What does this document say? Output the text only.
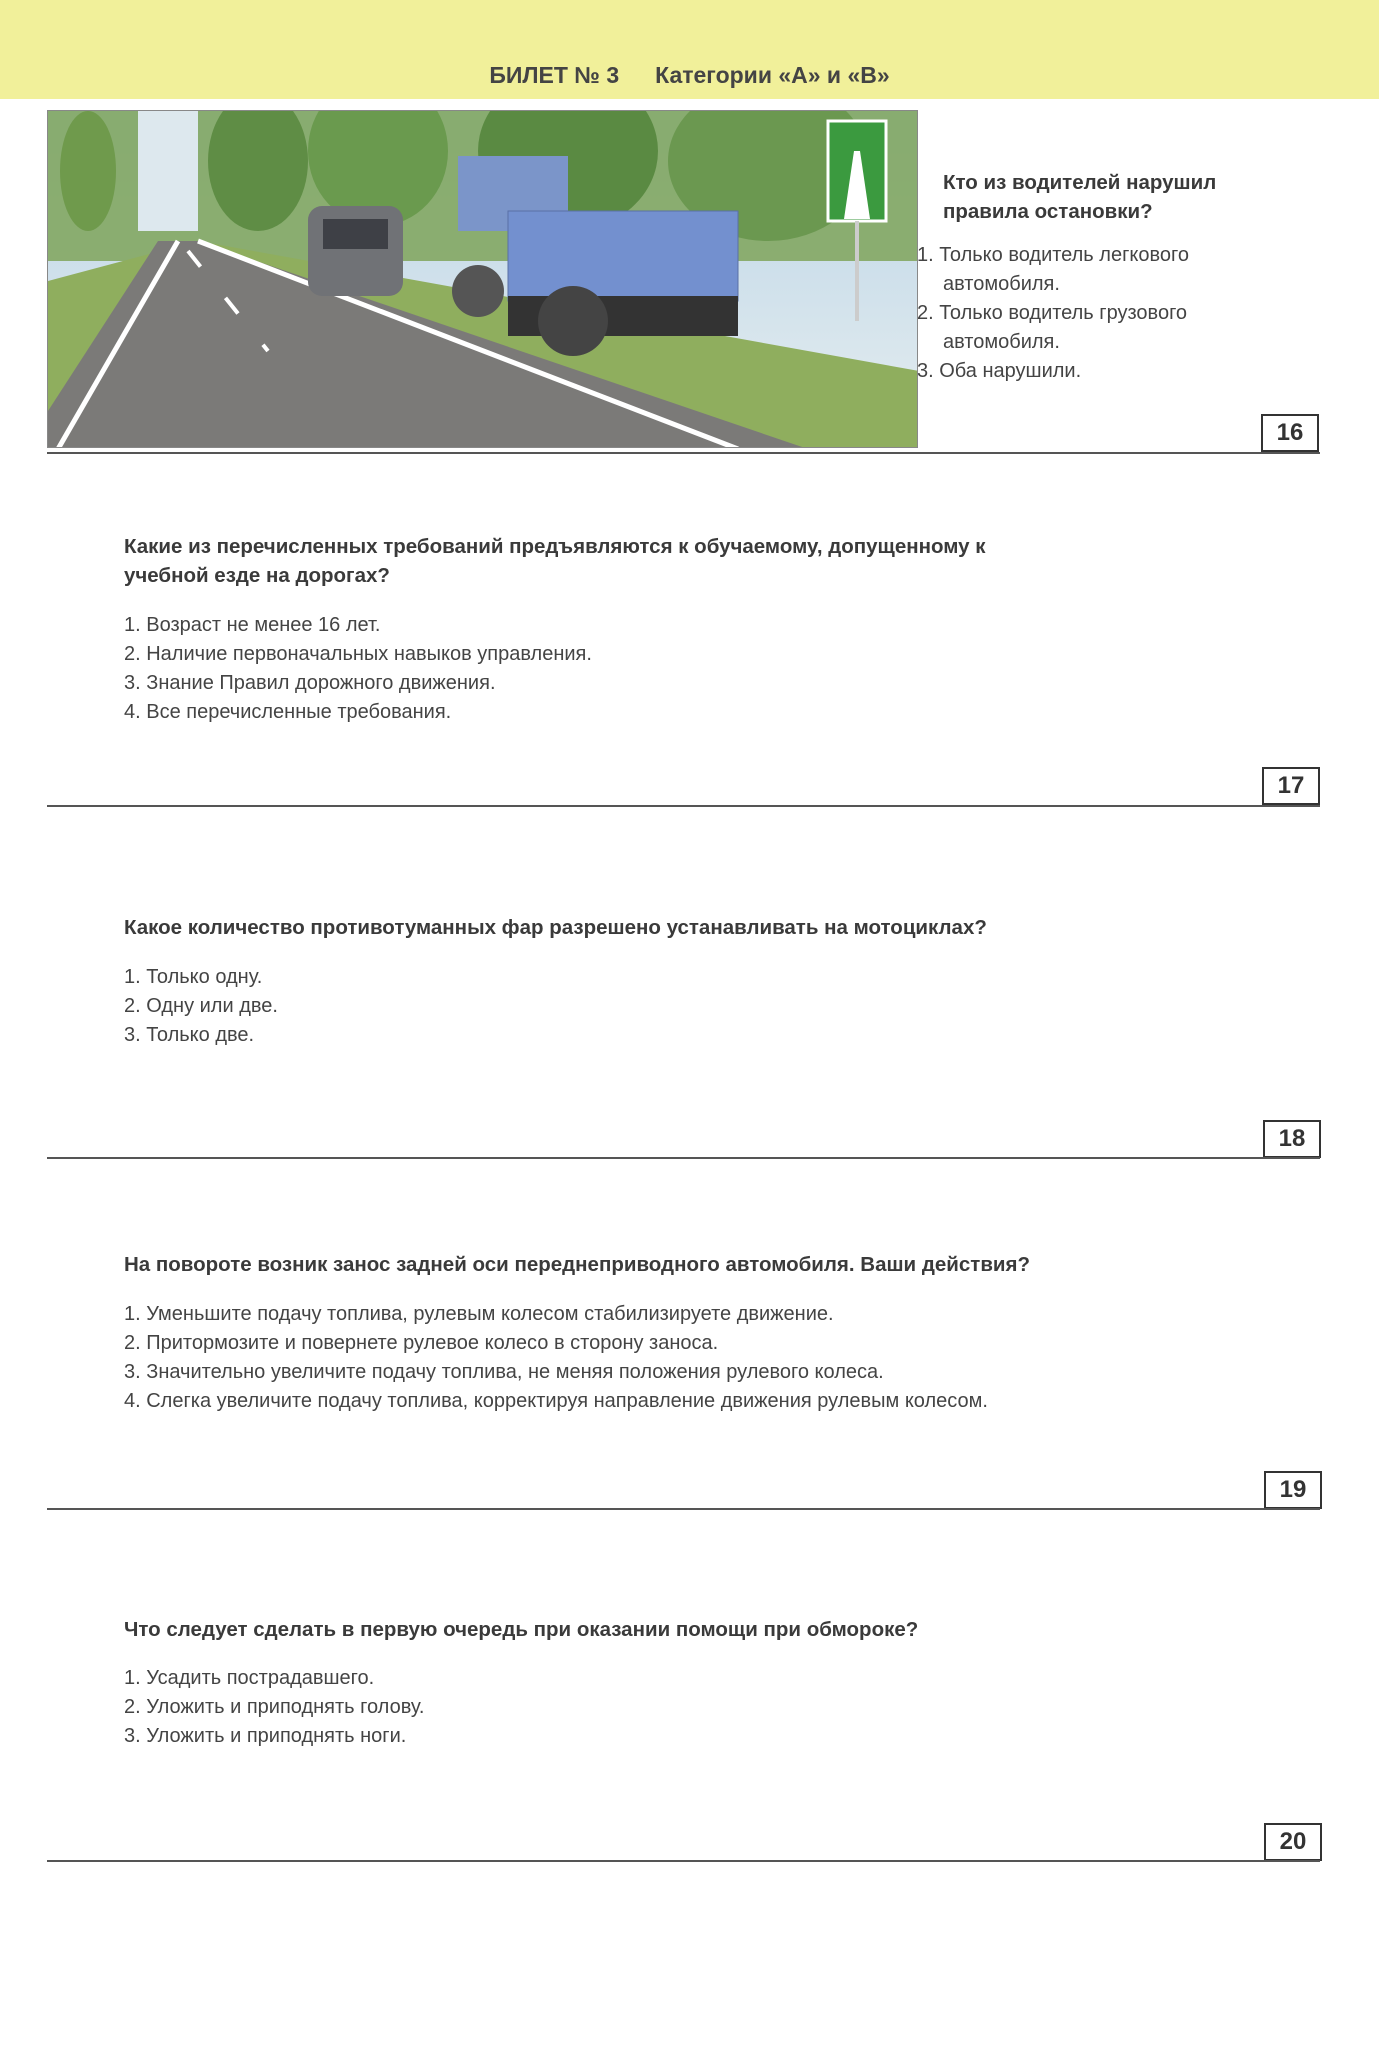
БИЛЕТ № 3 Категории «А» и «В»
Кто из водителей нарушил правила остановки?
1. Только водитель легкового автомобиля.
2. Только водитель грузового автомобиля.
3. Оба нарушили.
16
Какие из перечисленных требований предъявляются к обучаемому, допущенному к учебной езде на дорогах?
1. Возраст не менее 16 лет.
2. Наличие первоначальных навыков управления.
3. Знание Правил дорожного движения.
4. Все перечисленные требования.
17
Какое количество противотуманных фар разрешено устанавливать на мотоциклах?
1. Только одну.
2. Одну или две.
3. Только две.
18
На повороте возник занос задней оси переднеприводного автомобиля. Ваши действия?
1. Уменьшите подачу топлива, рулевым колесом стабилизируете движение.
2. Притормозите и повернете рулевое колесо в сторону заноса.
3. Значительно увеличите подачу топлива, не меняя положения рулевого колеса.
4. Слегка увеличите подачу топлива, корректируя направление движения рулевым колесом.
19
Что следует сделать в первую очередь при оказании помощи при обмороке?
1. Усадить пострадавшего.
2. Уложить и приподнять голову.
3. Уложить и приподнять ноги.
20
